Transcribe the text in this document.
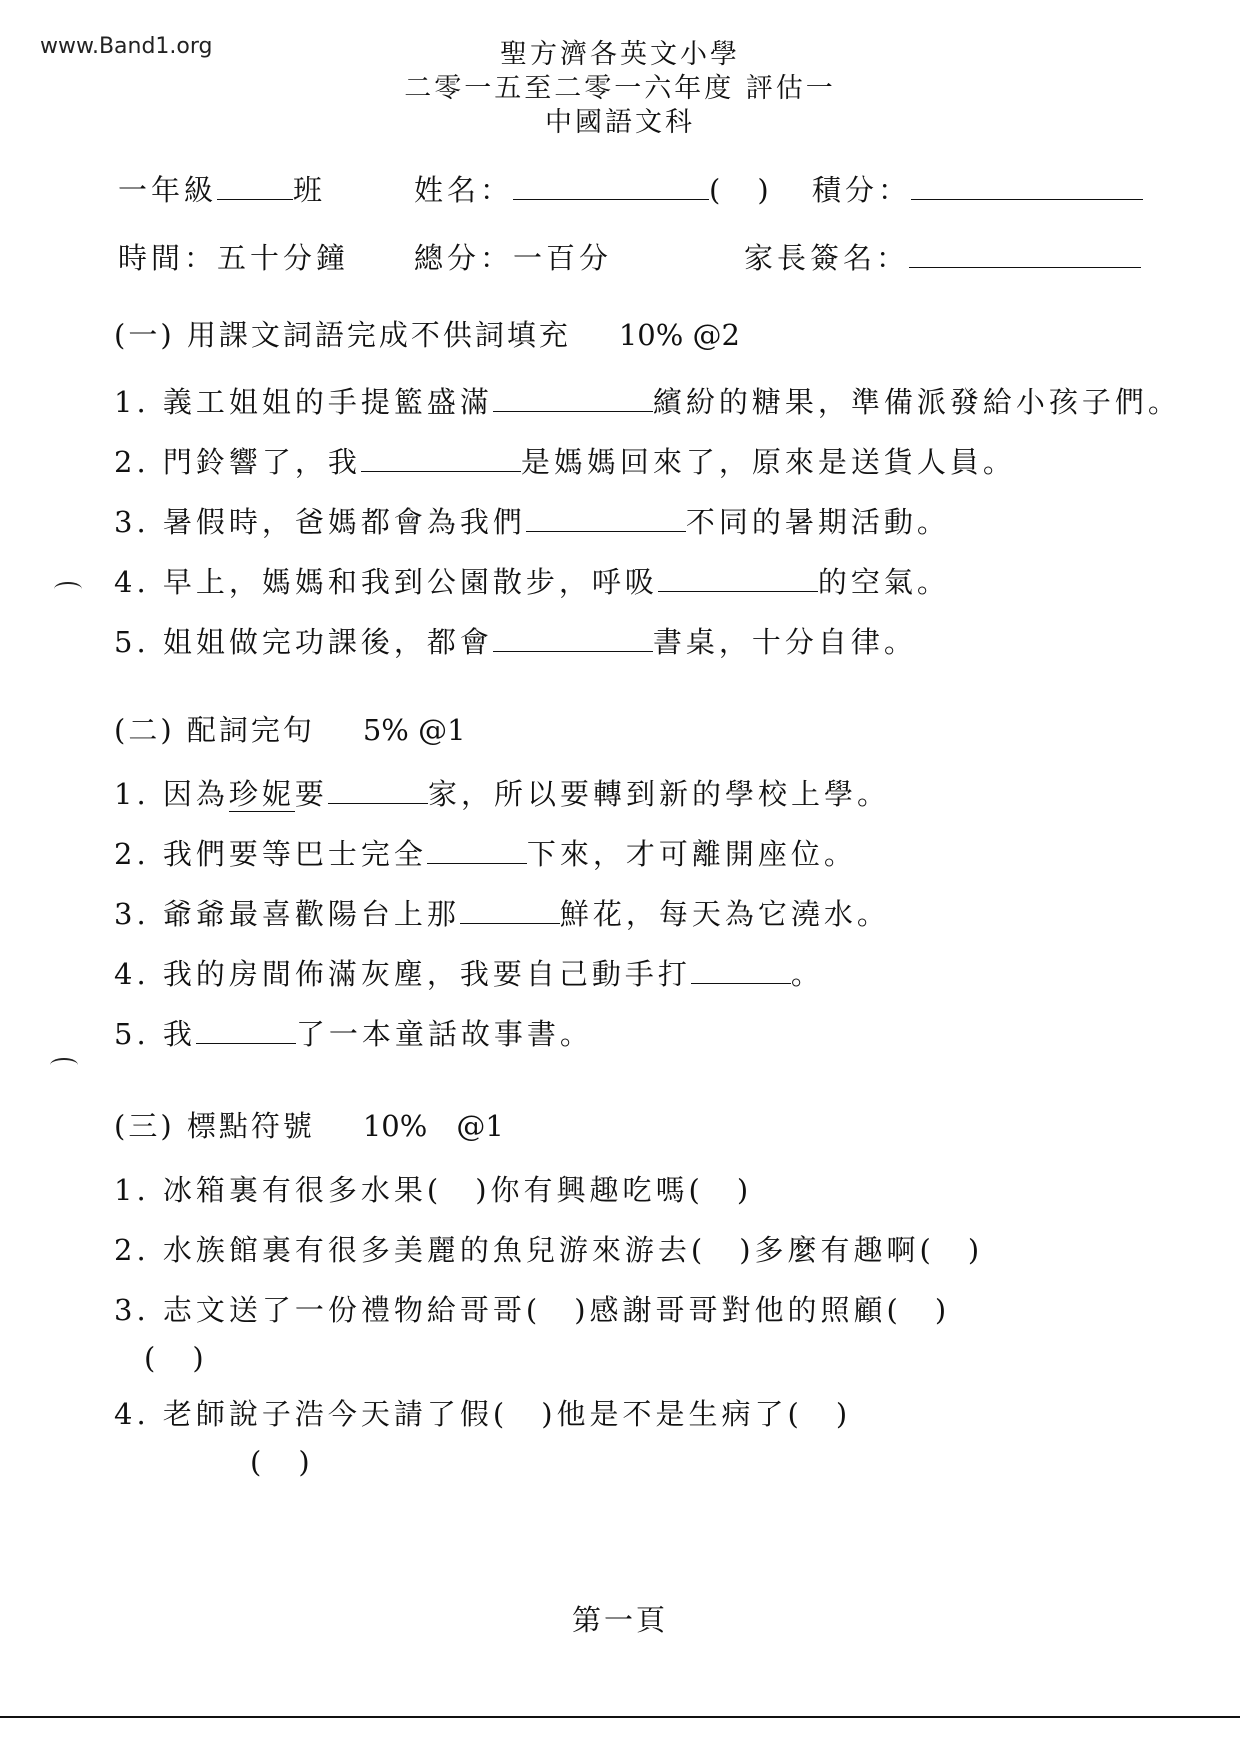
www.Band1.org	聖方濟各英文小學
二零一五至二零一六年度 評估一
中國語文科
一年級	班	姓名：	(　) 積分：
時間：五十分鐘 總分：一百分	家長簽名：
(一) 用課文詞語完成不供詞填充 10% @2
1. 義工姐姐的手提籃盛滿	繽紛的糖果，準備派發給小孩子們。
2. 門鈴響了，我	是媽媽回來了，原來是送貨人員。
3. 暑假時，爸媽都會為我們	不同的暑期活動。
4. 早上，媽媽和我到公園散步，呼吸	的空氣。
5. 姐姐做完功課後，都會	書桌，十分自律。
(二) 配詞完句 5% @1
1. 因為珍妮要	家，所以要轉到新的學校上學。
2. 我們要等巴士完全	下來，才可離開座位。
3. 爺爺最喜歡陽台上那	鮮花，每天為它澆水。
4. 我的房間佈滿灰塵，我要自己動手打	。
5. 我	了一本童話故事書。
(三) 標點符號 10%　@1
1. 冰箱裏有很多水果(　)你有興趣吃嗎(　)
2. 水族館裏有很多美麗的魚兒游來游去(　)多麼有趣啊(　)
3. 志文送了一份禮物給哥哥(　)感謝哥哥對他的照顧(　)
(　)
4. 老師說子浩今天請了假(　)他是不是生病了(　)
(　)
第一頁
